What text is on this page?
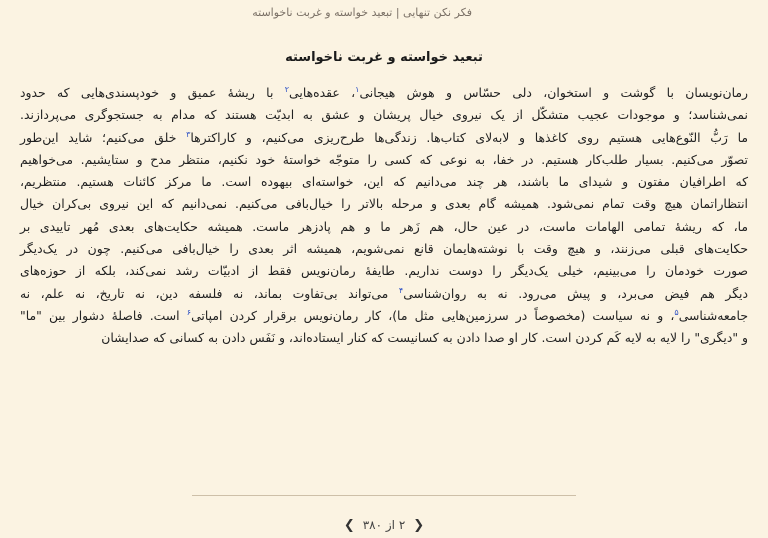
فکر نکن تنهایی | تبعید خواسته و غربت ناخواسته
تبعید خواسته و غربت ناخواسته
رمان‌نویسان با گوشت و استخوان، دلی حسّاس و هوش هیجانی$^۱$، عقده‌هایی$^۲$ با ریشهٔ عمیق و خودپسندی‌هایی که حدود
نمی‌شناسد؛ و موجودات عجیب متشکّل از یک نیروی خیال پریشان و عشق به ابدیّت هستند که مدام به جستجوگری می‌پردازند.
ما رَبُّ النّوع‌هایی هستیم روی کاغذها و لابه‌لای کتاب‌ها. زندگی‌ها طرح‌ریزی می‌کنیم، و کاراکترها$^۳$ خلق می‌کنیم؛ شاید این‌طور
تصوّر می‌کنیم. بسیار طلب‌کار هستیم. در خفا، به نوعی که کسی را متوجّه خواستهٔ خود نکنیم، منتظر مدح و ستایشیم. می‌خواهیم
که اطرافیان مفتون و شیدای ما باشند، هر چند می‌دانیم که این، خواسته‌ای بیهوده است. ما مرکز کائنات هستیم. منتظریم،
انتظاراتمان هیچ وقت تمام نمی‌شود. همیشه گام بعدی و مرحله بالاتر را خیال‌بافی می‌کنیم. نمی‌دانیم که این نیروی بی‌کران خیال
ما، که ریشهٔ تمامی الهامات ماست، در عین حال، هم زَهر ما و هم پادزهر ماست. همیشه حکایت‌های بعدی مُهر تاییدی بر
حکایت‌های قبلی می‌زنند، و هیچ وقت با نوشته‌هایمان قانع نمی‌شویم، همیشه اثر بعدی را خیال‌بافی می‌کنیم. چون در یک‌دیگر
صورت خودمان را می‌بینیم، خیلی یک‌دیگر را دوست نداریم. طایفهٔ رمان‌نویس فقط از ادبیّات رشد نمی‌کند، بلکه از حوزه‌های
دیگر هم فیض می‌برد، و پیش می‌رود. نه به روان‌شناسی$^۴$ می‌تواند بی‌تفاوت بماند، نه فلسفه دین، نه تاریخ، نه علم، نه
جامعه‌شناسی$^۵$، و نه سیاست (مخصوصاً در سرزمین‌هایی مثل ما)، کار رمان‌نویس برقرار کردن امپاتی$^۶$ است. فاصلهٔ دشوار بین "ما"
و "دیگری" را لایه به لایه کَم کردن است. کار او صدا دادن به کسانیست که کنار ایستاده‌اند، و نَفَس دادن به کسانی که صدایشان
❮ ۲ از ۳۸۰ ❯
